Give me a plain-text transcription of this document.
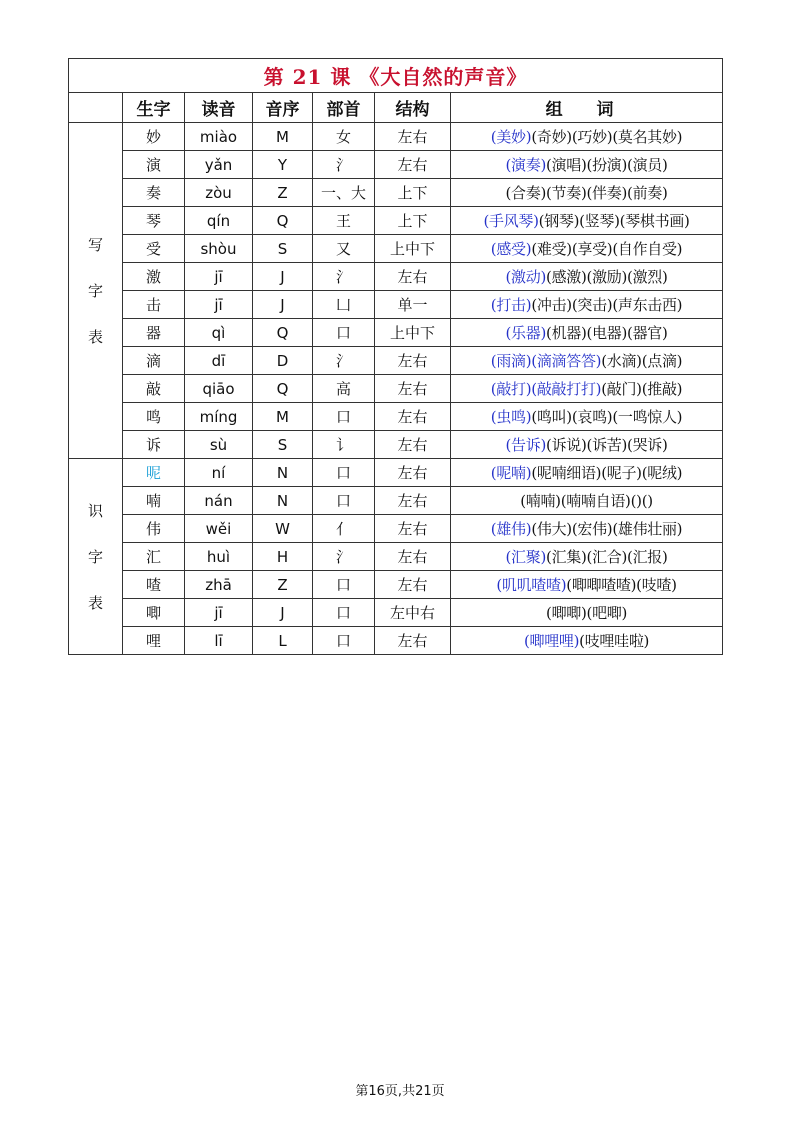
第 21 课 《大自然的声音》						
	生字	读音	音序	部首	结构	组 词

写
字
表	妙	miào	M	女	左右	(美妙)(奇妙)(巧妙)(莫名其妙)
	演	yǎn	Y	氵	左右	(演奏)(演唱)(扮演)(演员)
	奏	zòu	Z	一、大	上下	(合奏)(节奏)(伴奏)(前奏)
	琴	qín	Q	王	上下	(手风琴)(钢琴)(竖琴)(琴棋书画)
	受	shòu	S	又	上中下	(感受)(难受)(享受)(自作自受)
	激	jī	J	氵	左右	(激动)(感激)(激励)(激烈)
	击	jī	J	凵	单一	(打击)(冲击)(突击)(声东击西)
	器	qì	Q	口	上中下	(乐器)(机器)(电器)(器官)
	滴	dī	D	氵	左右	(雨滴)(滴滴答答)(水滴)(点滴)
	敲	qiāo	Q	高	左右	(敲打)(敲敲打打)(敲门)(推敲)
	鸣	míng	M	口	左右	(虫鸣)(鸣叫)(哀鸣)(一鸣惊人)
	诉	sù	S	讠	左右	(告诉)(诉说)(诉苦)(哭诉)

识
字
表	呢	ní	N	口	左右	(呢喃)(呢喃细语)(呢子)(呢绒)
	喃	nán	N	口	左右	(喃喃)(喃喃自语)()()
	伟	wěi	W	亻	左右	(雄伟)(伟大)(宏伟)(雄伟壮丽)
	汇	huì	H	氵	左右	(汇聚)(汇集)(汇合)(汇报)
	喳	zhā	Z	口	左右	(叽叽喳喳)(唧唧喳喳)(吱喳)
	唧	jī	J	口	左中右	(唧唧)(吧唧)
	哩	lī	L	口	左右	(唧哩哩)(吱哩哇啦)
第16页,共21页
